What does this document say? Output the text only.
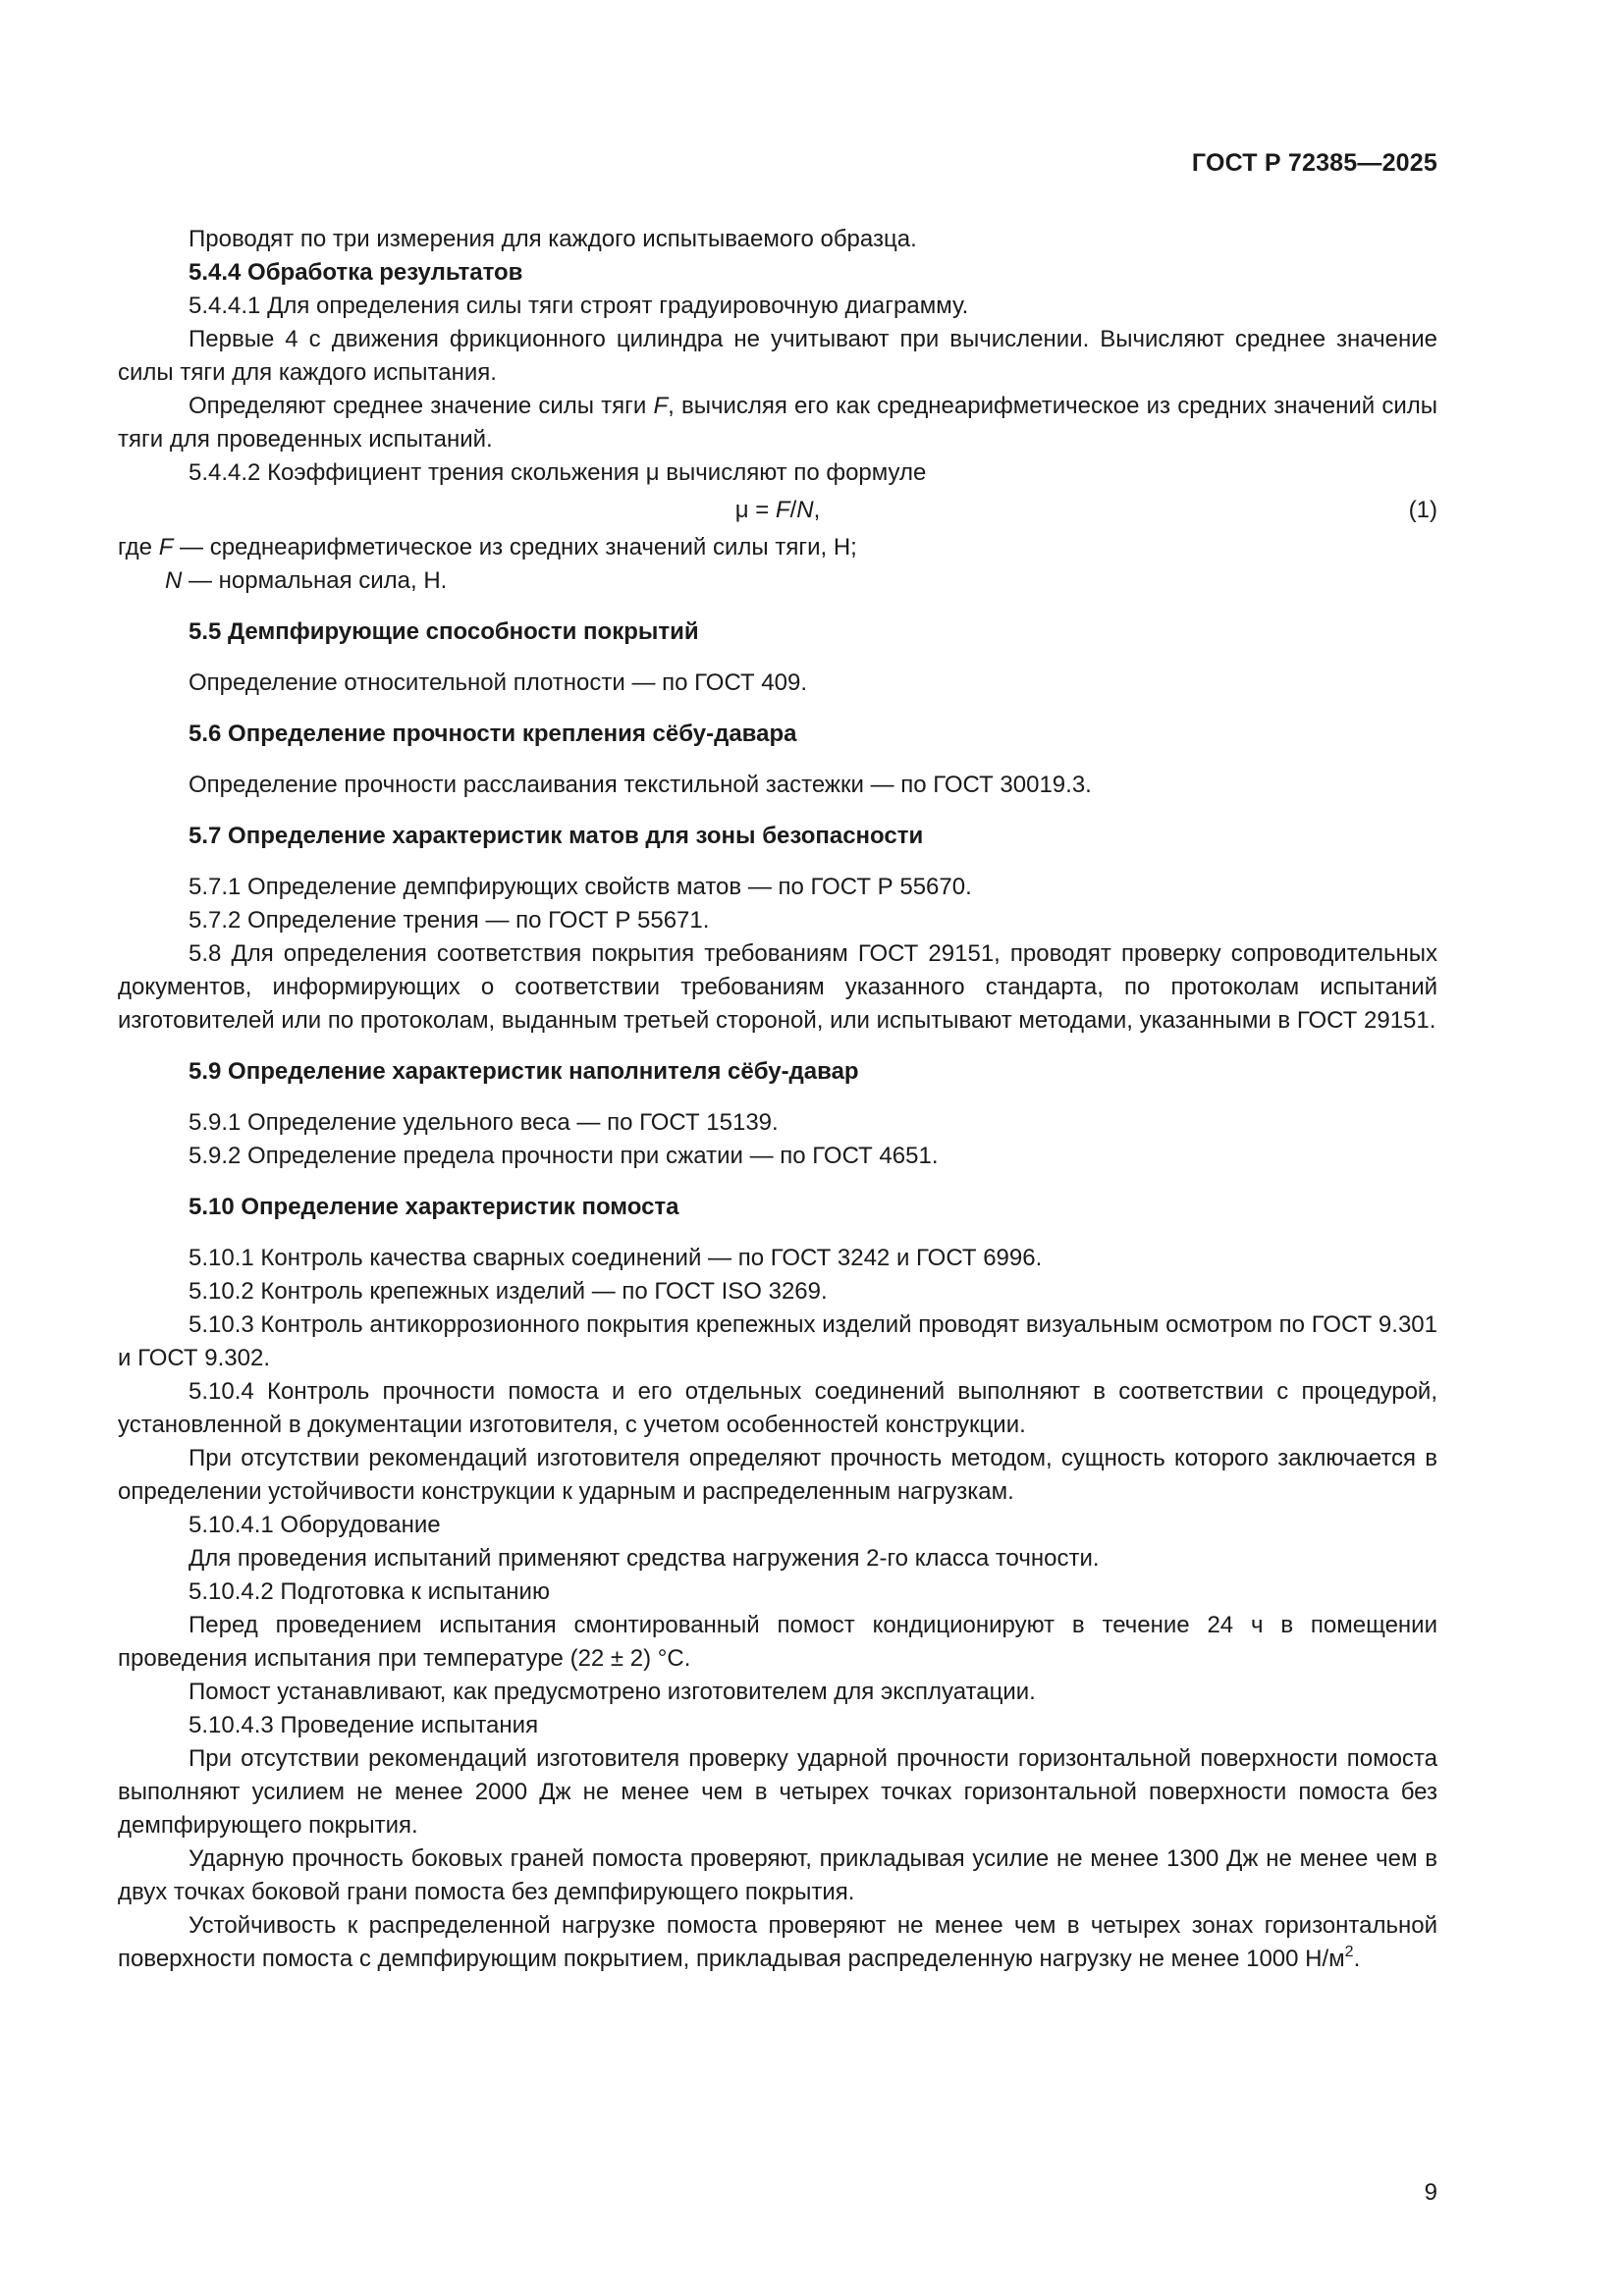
ГОСТ Р 72385—2025

Проводят по три измерения для каждого испытываемого образца.

5.4.4 Обработка результатов

5.4.4.1 Для определения силы тяги строят градуировочную диаграмму.

Первые 4 с движения фрикционного цилиндра не учитывают при вычислении. Вычисляют среднее значение силы тяги для каждого испытания.

Определяют среднее значение силы тяги F, вычисляя его как среднеарифметическое из средних значений силы тяги для проведенных испытаний.

5.4.4.2 Коэффициент трения скольжения μ вычисляют по формуле

μ = F/N,	(1)

где F — среднеарифметическое из средних значений силы тяги, Н;

N — нормальная сила, Н.

5.5 Демпфирующие способности покрытий

Определение относительной плотности — по ГОСТ 409.

5.6 Определение прочности крепления сёбу-давара

Определение прочности расслаивания текстильной застежки — по ГОСТ 30019.3.

5.7 Определение характеристик матов для зоны безопасности

5.7.1 Определение демпфирующих свойств матов — по ГОСТ Р 55670.

5.7.2 Определение трения — по ГОСТ Р 55671.

5.8 Для определения соответствия покрытия требованиям ГОСТ 29151, проводят проверку сопроводительных документов, информирующих о соответствии требованиям указанного стандарта, по протоколам испытаний изготовителей или по протоколам, выданным третьей стороной, или испытывают методами, указанными в ГОСТ 29151.

5.9 Определение характеристик наполнителя сёбу-давар

5.9.1 Определение удельного веса — по ГОСТ 15139.

5.9.2 Определение предела прочности при сжатии — по ГОСТ 4651.

5.10 Определение характеристик помоста

5.10.1 Контроль качества сварных соединений — по ГОСТ 3242 и ГОСТ 6996.

5.10.2 Контроль крепежных изделий — по ГОСТ ISO 3269.

5.10.3 Контроль антикоррозионного покрытия крепежных изделий проводят визуальным осмотром по ГОСТ 9.301 и ГОСТ 9.302.

5.10.4 Контроль прочности помоста и его отдельных соединений выполняют в соответствии с процедурой, установленной в документации изготовителя, с учетом особенностей конструкции.

При отсутствии рекомендаций изготовителя определяют прочность методом, сущность которого заключается в определении устойчивости конструкции к ударным и распределенным нагрузкам.

5.10.4.1 Оборудование

Для проведения испытаний применяют средства нагружения 2-го класса точности.

5.10.4.2 Подготовка к испытанию

Перед проведением испытания смонтированный помост кондиционируют в течение 24 ч в помещении проведения испытания при температуре (22 ± 2) °С.

Помост устанавливают, как предусмотрено изготовителем для эксплуатации.

5.10.4.3 Проведение испытания

При отсутствии рекомендаций изготовителя проверку ударной прочности горизонтальной поверхности помоста выполняют усилием не менее 2000 Дж не менее чем в четырех точках горизонтальной поверхности помоста без демпфирующего покрытия.

Ударную прочность боковых граней помоста проверяют, прикладывая усилие не менее 1300 Дж не менее чем в двух точках боковой грани помоста без демпфирующего покрытия.

Устойчивость к распределенной нагрузке помоста проверяют не менее чем в четырех зонах горизонтальной поверхности помоста с демпфирующим покрытием, прикладывая распределенную нагрузку не менее 1000 $Н/м^2$.

9
